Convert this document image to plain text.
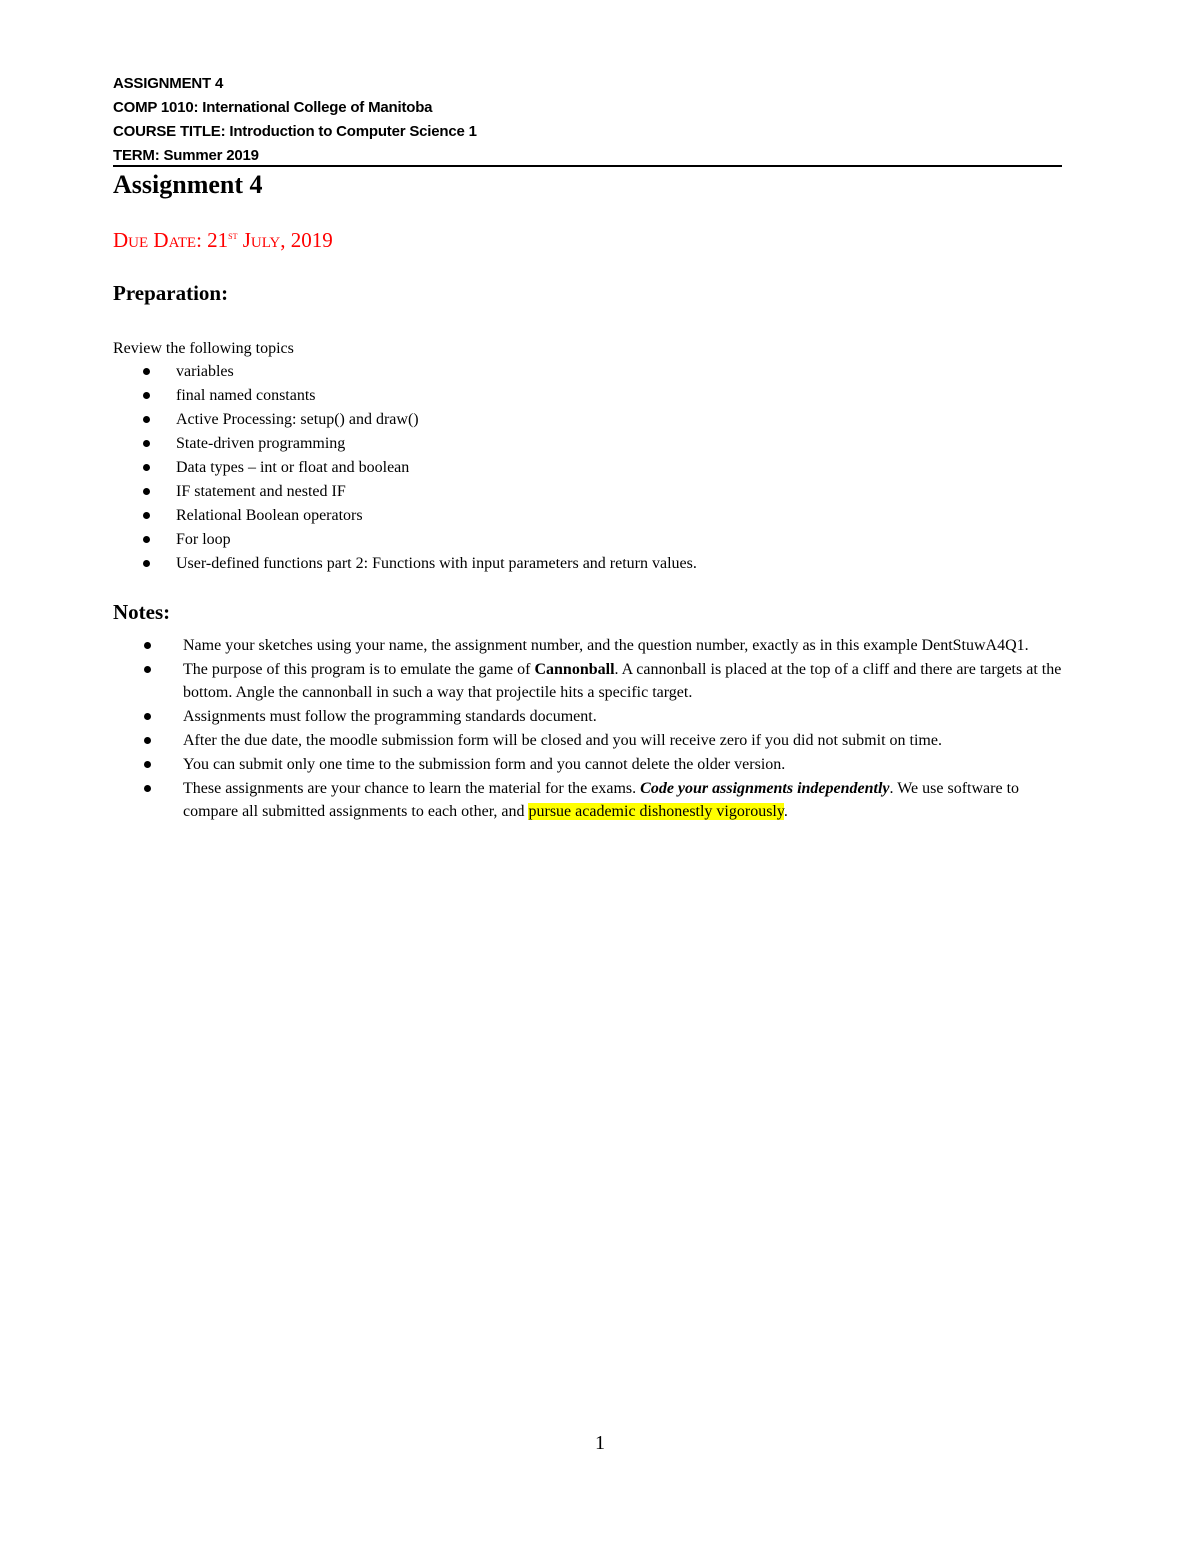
ASSIGNMENT 4
COMP 1010: International College of Manitoba
COURSE TITLE: Introduction to Computer Science 1
TERM: Summer 2019
Assignment 4
Due Date: 21st July, 2019
Preparation:
Review the following topics
variables
final named constants
Active Processing: setup() and draw()
State-driven programming
Data types – int or float and boolean
IF statement and nested IF
Relational Boolean operators
For loop
User-defined functions part 2: Functions with input parameters and return values.
Notes:
Name your sketches using your name, the assignment number, and the question number, exactly as in this example DentStuwA4Q1.
The purpose of this program is to emulate the game of Cannonball. A cannonball is placed at the top of a cliff and there are targets at the bottom. Angle the cannonball in such a way that projectile hits a specific target.
Assignments must follow the programming standards document.
After the due date, the moodle submission form will be closed and you will receive zero if you did not submit on time.
You can submit only one time to the submission form and you cannot delete the older version.
These assignments are your chance to learn the material for the exams. Code your assignments independently. We use software to compare all submitted assignments to each other, and pursue academic dishonestly vigorously.
1
